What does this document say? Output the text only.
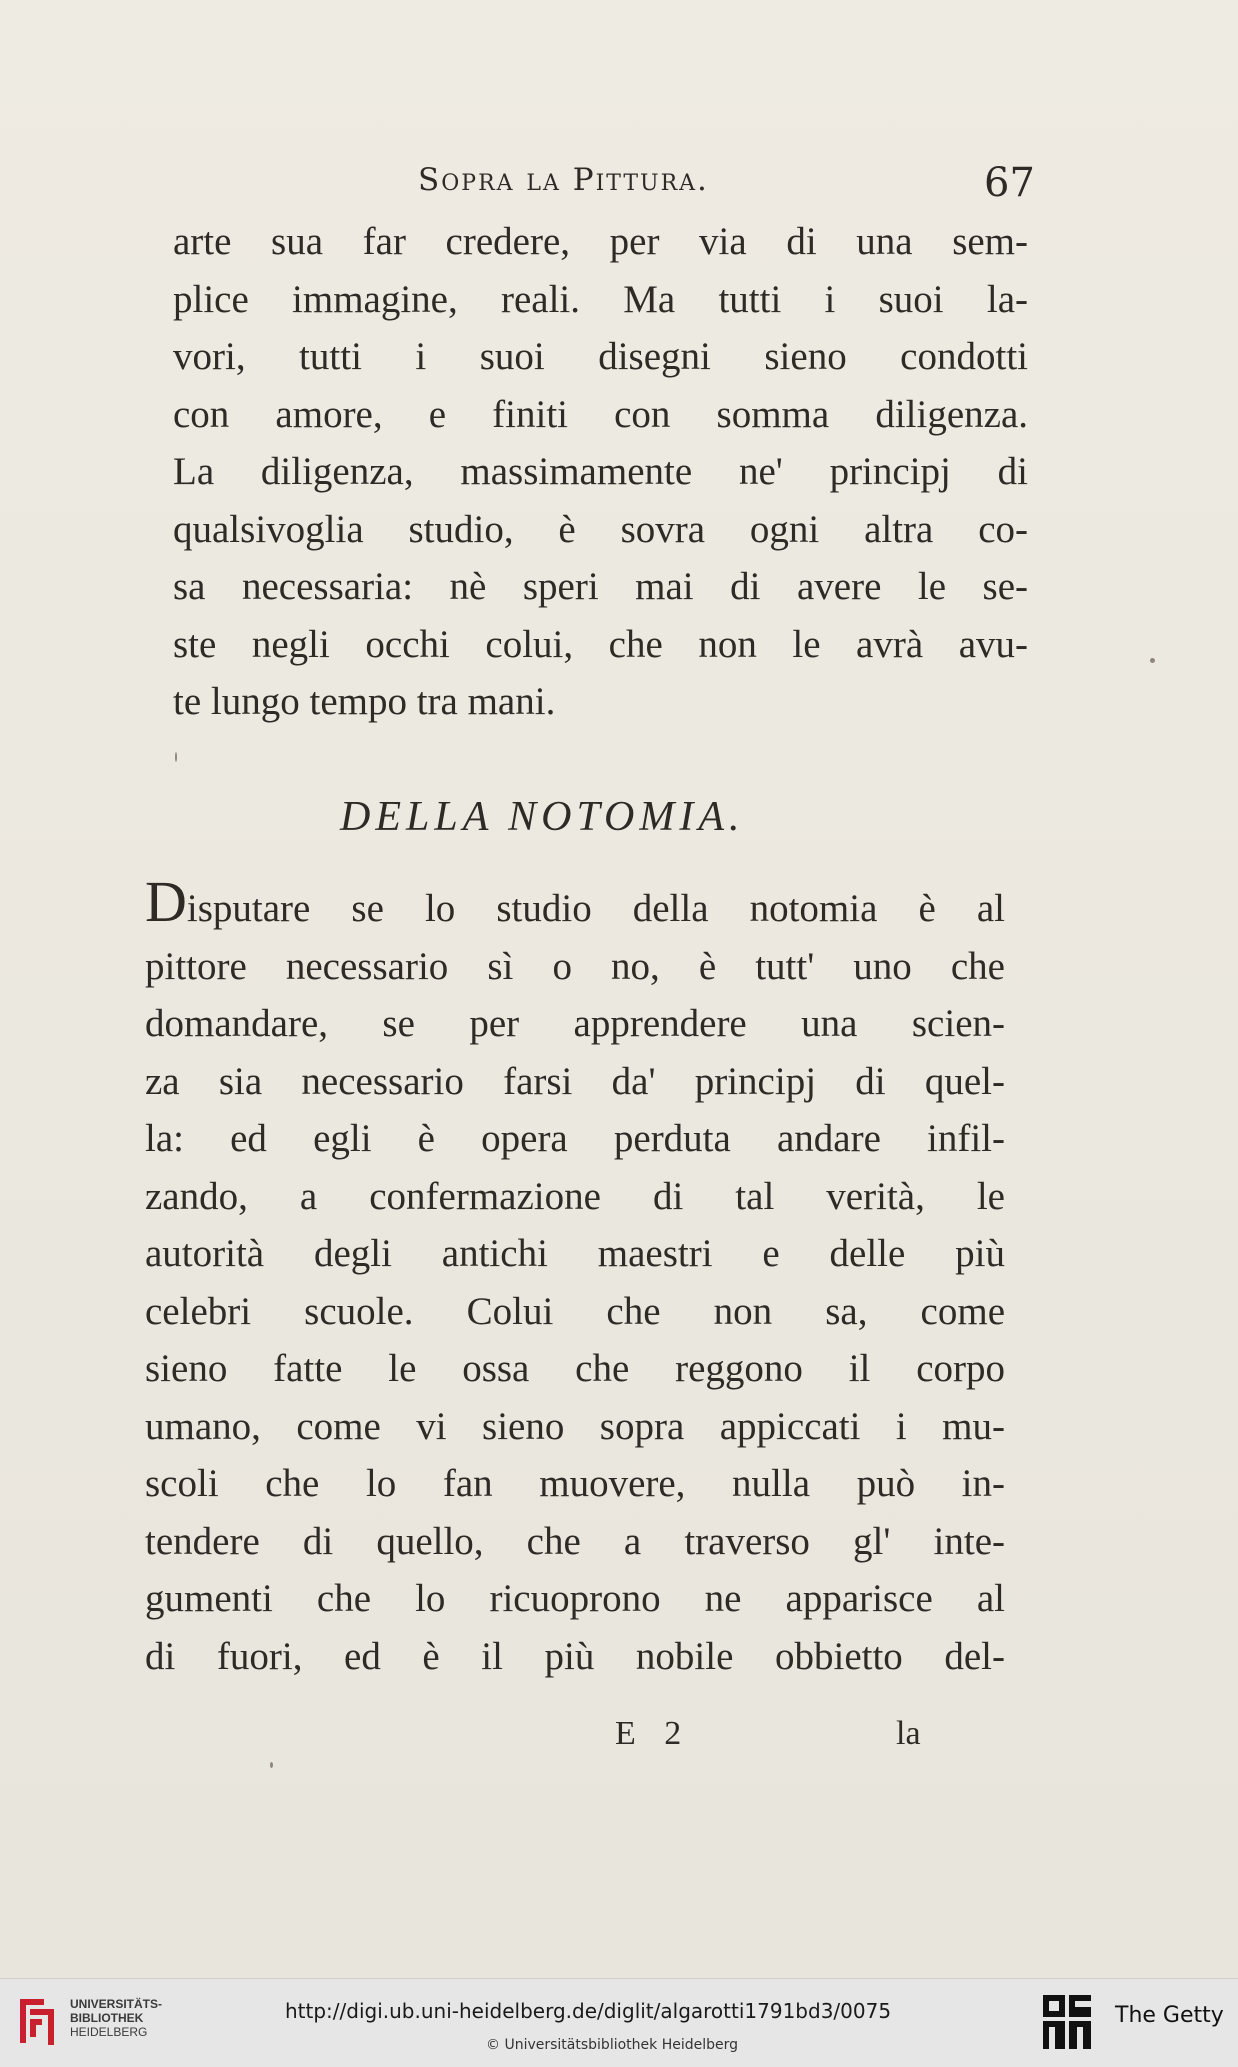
Sopra la Pittura.	67
arte sua far credere, per via di una sem-
plice immagine, reali. Ma tutti i suoi la-
vori, tutti i suoi disegni sieno condotti
con amore, e finiti con somma diligenza.
La diligenza, massimamente ne' principj di
qualsivoglia studio, è sovra ogni altra co-
sa necessaria: nè speri mai di avere le se-
ste negli occhi colui, che non le avrà avu-
te lungo tempo tra mani.
DELLA NOTOMIA.
Disputare se lo studio della notomia è al
pittore necessario sì o no, è tutt' uno che
domandare, se per apprendere una scien-
za sia necessario farsi da' principj di quel-
la: ed egli è opera perduta andare infil-
zando, a confermazione di tal verità, le
autorità degli antichi maestri e delle più
celebri scuole. Colui che non sa, come
sieno fatte le ossa che reggono il corpo
umano, come vi sieno sopra appiccati i mu-
scoli che lo fan muovere, nulla può in-
tendere di quello, che a traverso gl' inte-
gumenti che lo ricuoprono ne apparisce al
di fuori, ed è il più nobile obbietto del-
E 2	la
UNIVERSITÄTS-
BIBLIOTHEK
HEIDELBERG
http://digi.ub.uni-heidelberg.de/diglit/algarotti1791bd3/0075
© Universitätsbibliothek Heidelberg
The Getty
